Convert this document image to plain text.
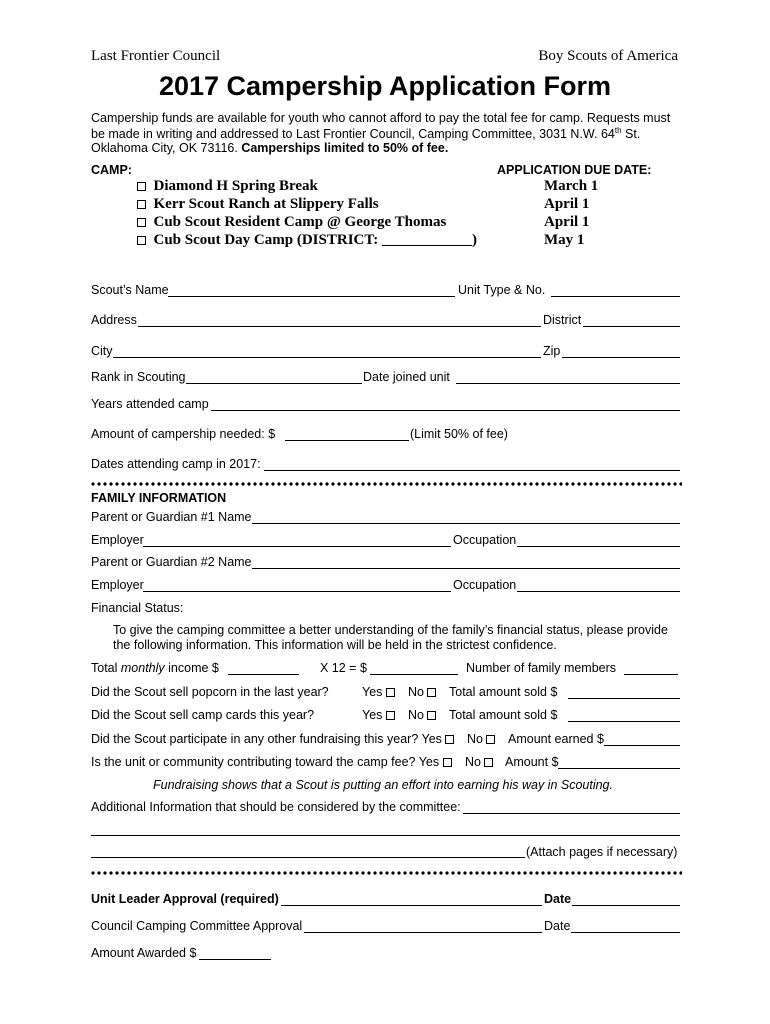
Last Frontier Council	Boy Scouts of America
2017 Campership Application Form
Campership funds are available for youth who cannot afford to pay the total fee for camp. Requests must
be made in writing and addressed to Last Frontier Council, Camping Committee, 3031 N.W. 64th St.
Oklahoma City, OK 73116. Camperships limited to 50% of fee.
CAMP:	APPLICATION DUE DATE:
Diamond H Spring Break	March 1
Kerr Scout Ranch at Slippery Falls	April 1
Cub Scout Resident Camp @ George Thomas	April 1
Cub Scout Day Camp (DISTRICT: ____________)	May 1
Scout’s Name	Unit Type & No.
Address	District
City	Zip
Rank in Scouting	Date joined unit
Years attended camp
Amount of campership needed: $	(Limit 50% of fee)
Dates attending camp in 2017:
FAMILY INFORMATION
Parent or Guardian #1 Name
Employer	Occupation
Parent or Guardian #2 Name
Employer	Occupation
Financial Status:
To give the camping committee a better understanding of the family’s financial status, please provide
the following information. This information will be held in the strictest confidence.
Total monthly income $	X 12 = $	Number of family members
Did the Scout sell popcorn in the last year?	Yes	No	Total amount sold $
Did the Scout sell camp cards this year?	Yes	No	Total amount sold $
Did the Scout participate in any other fundraising this year? Yes	No	Amount earned $
Is the unit or community contributing toward the camp fee? Yes	No	Amount $
Fundraising shows that a Scout is putting an effort into earning his way in Scouting.
Additional Information that should be considered by the committee:
(Attach pages if necessary)
Unit Leader Approval (required)	Date
Council Camping Committee Approval	Date
Amount Awarded $
